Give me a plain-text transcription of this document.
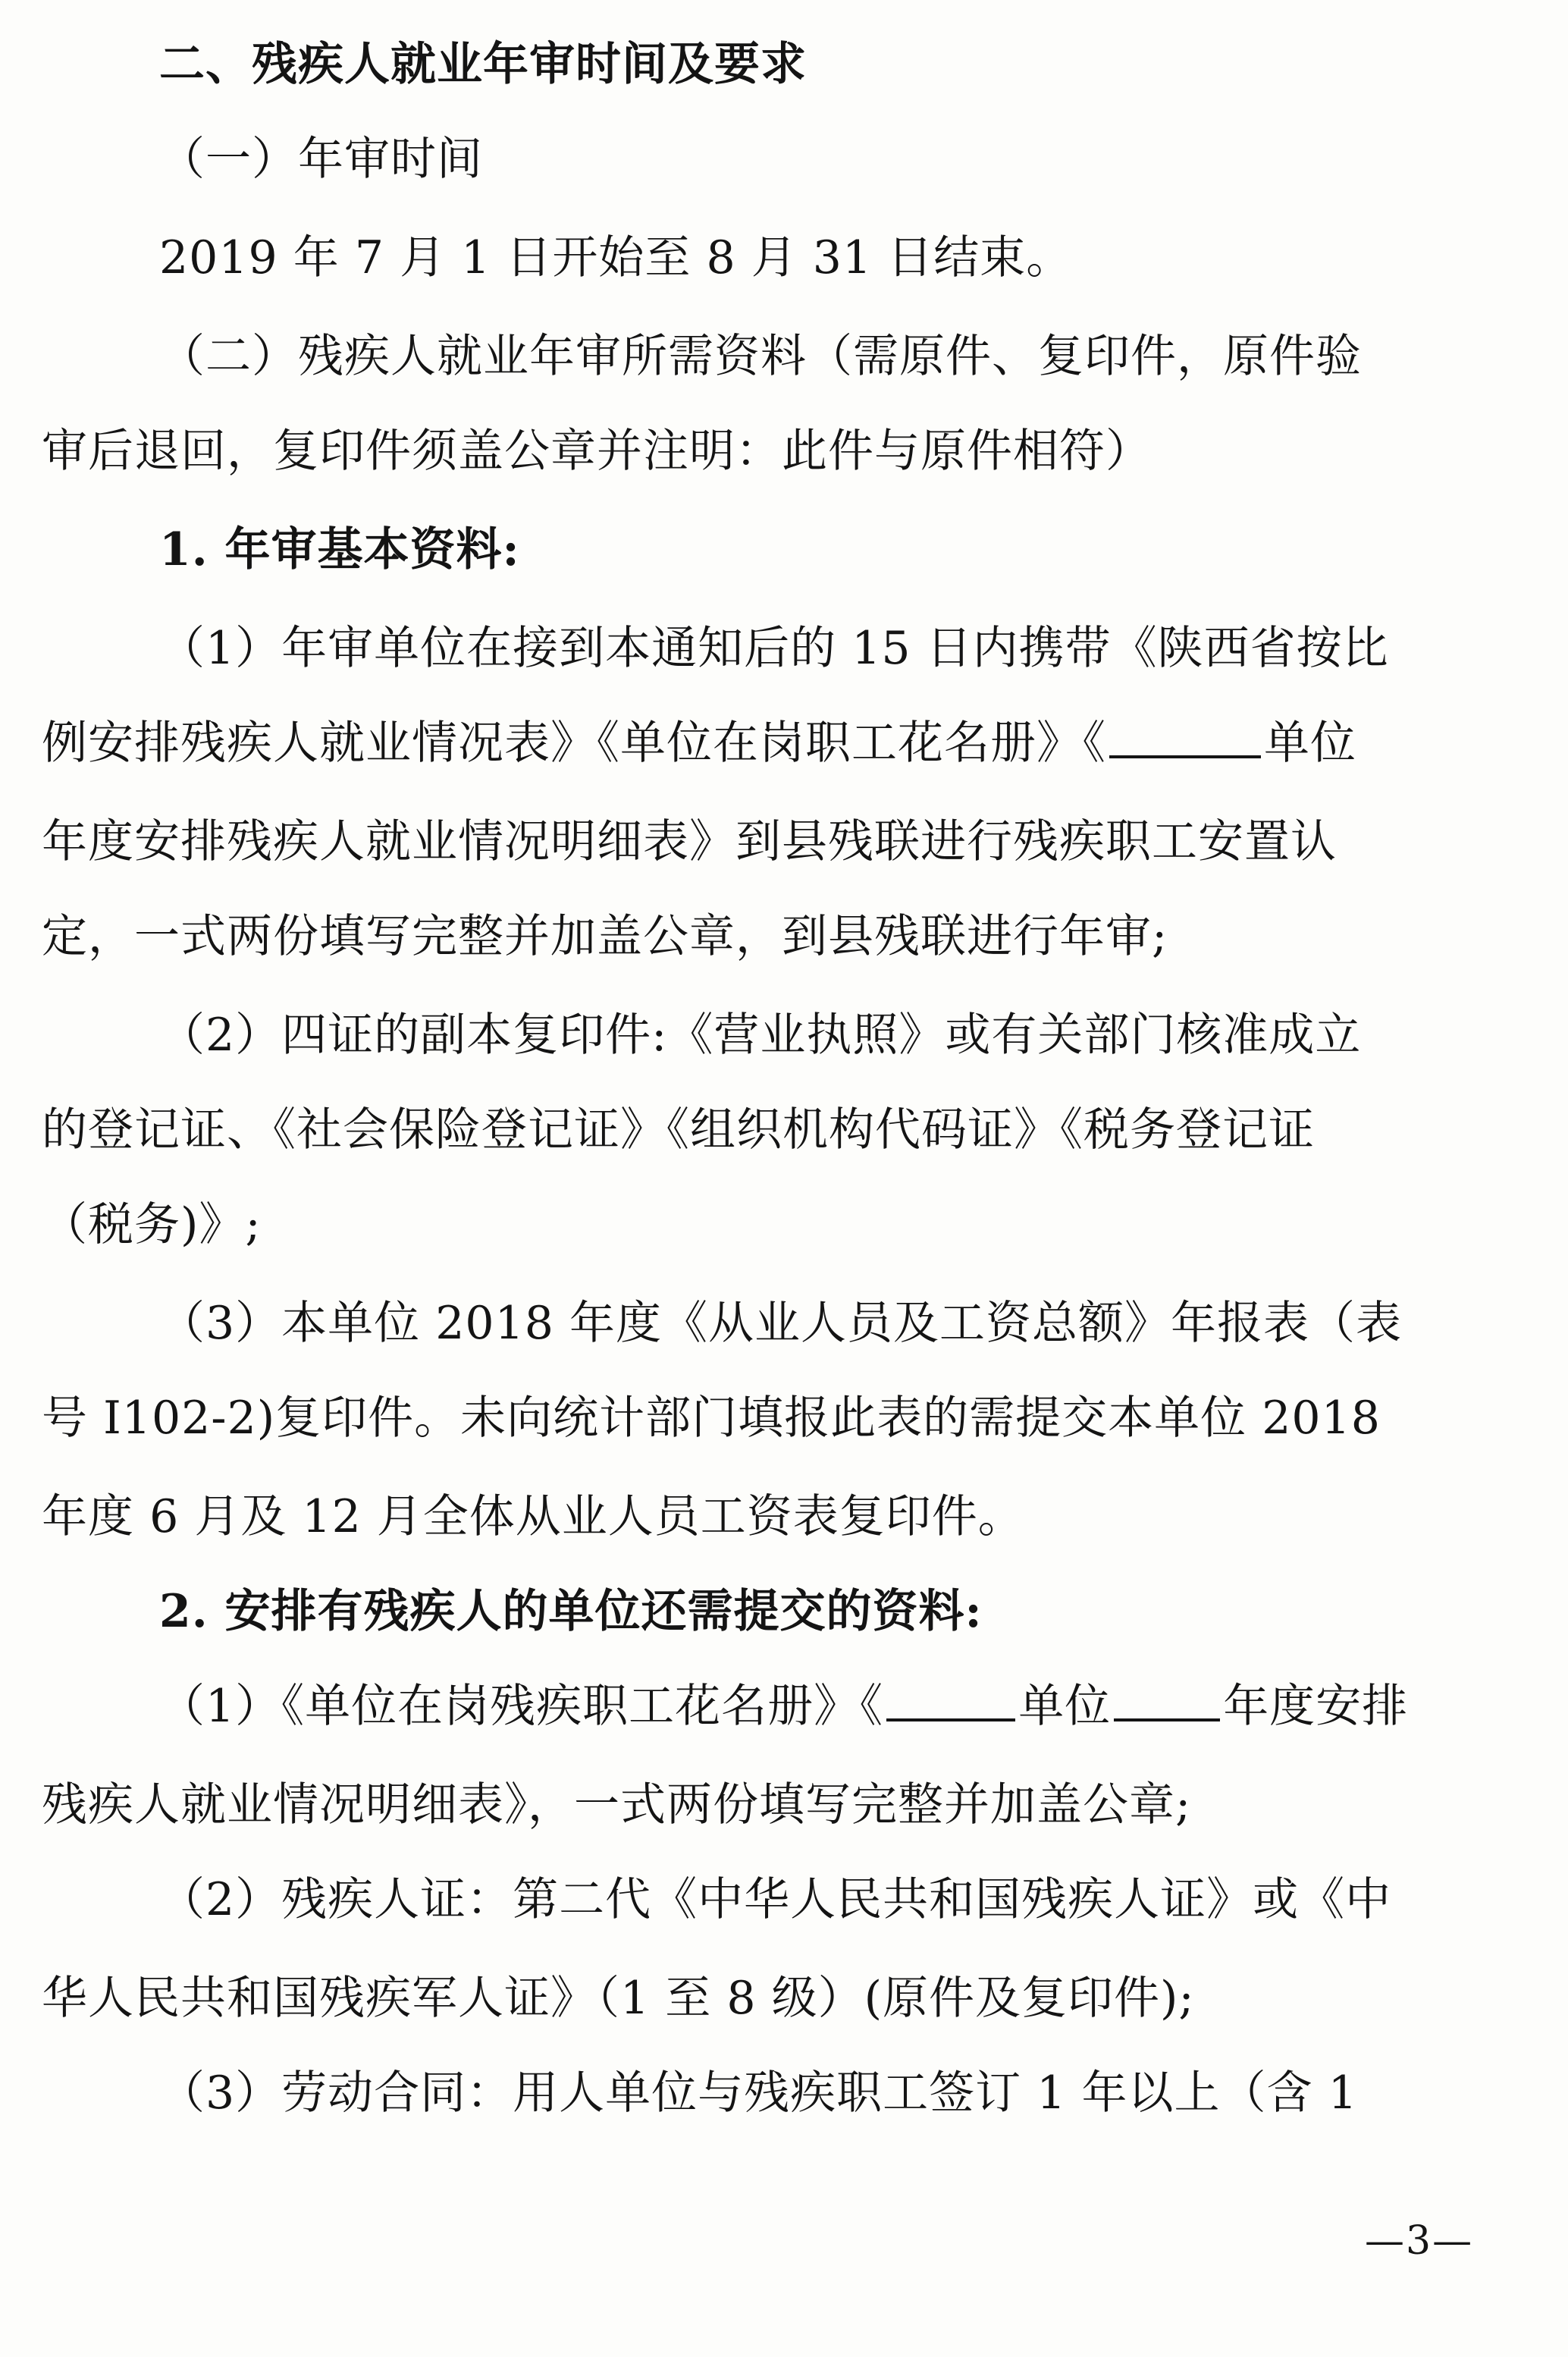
二、残疾人就业年审时间及要求
（一）年审时间
2019 年 7 月 1 日开始至 8 月 31 日结束。
（二）残疾人就业年审所需资料（需原件、复印件，原件验
审后退回，复印件须盖公章并注明：此件与原件相符）
1. 年审基本资料:
（1）年审单位在接到本通知后的 15 日内携带《陕西省按比
例安排残疾人就业情况表》《单位在岗职工花名册》《	单位
年度安排残疾人就业情况明细表》到县残联进行残疾职工安置认
定，一式两份填写完整并加盖公章，到县残联进行年审;
（2）四证的副本复印件:《营业执照》或有关部门核准成立
的登记证、《社会保险登记证》《组织机构代码证》《税务登记证
（税务)》;
（3）本单位 2018 年度《从业人员及工资总额》年报表（表
号 I102-2)复印件。未向统计部门填报此表的需提交本单位 2018
年度 6 月及 12 月全体从业人员工资表复印件。
2. 安排有残疾人的单位还需提交的资料:
（1）《单位在岗残疾职工花名册》《	单位 年度安排
残疾人就业情况明细表》，一式两份填写完整并加盖公章;
（2）残疾人证：第二代《中华人民共和国残疾人证》或《中
华人民共和国残疾军人证》（1 至 8 级）(原件及复印件);
（3）劳动合同：用人单位与残疾职工签订 1 年以上（含 1
—3—
